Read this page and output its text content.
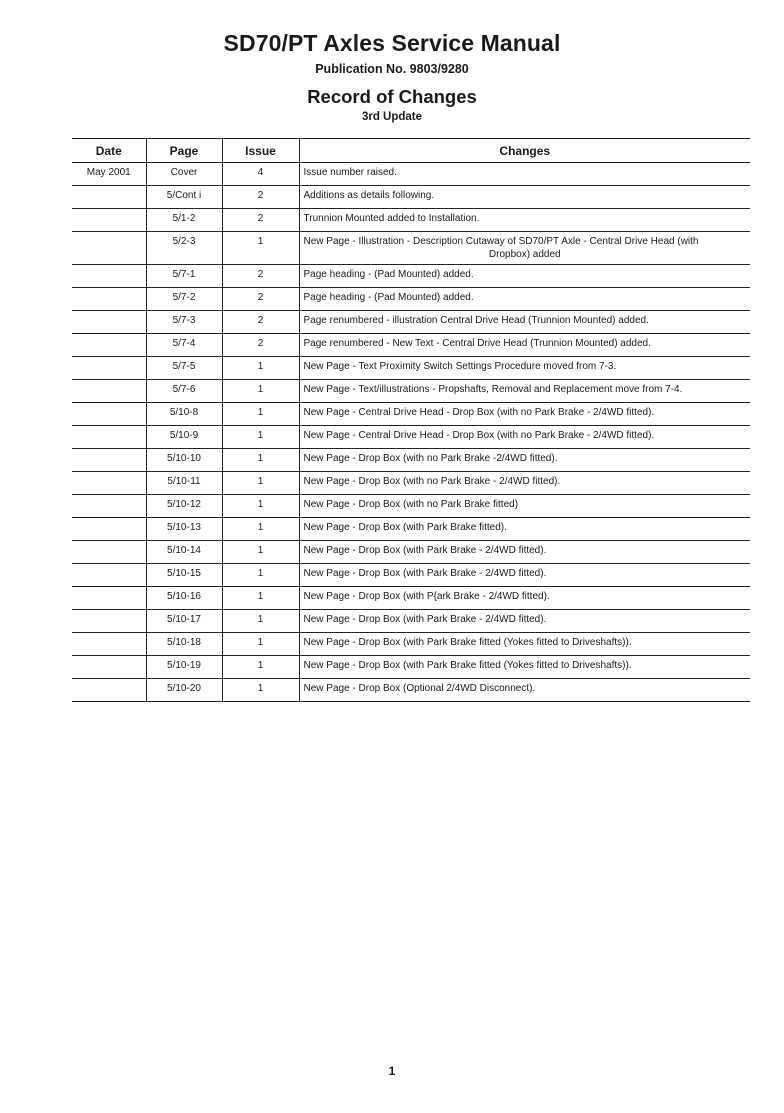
SD70/PT Axles Service Manual
Publication No. 9803/9280
Record of Changes
3rd Update
Date	Page	Issue	Changes
May 2001	Cover	4	Issue number raised.

	5/Cont i	2	Additions as details following.

	5/1-2	2	Trunnion Mounted added to Installation.

	5/2-3	1	New Page - Illustration - Description Cutaway of SD70/PT Axle - Central Drive Head (with
Dropbox) added

	5/7-1	2	Page heading - (Pad Mounted) added.

	5/7-2	2	Page heading - (Pad Mounted) added.

	5/7-3	2	Page renumbered - illustration Central Drive Head (Trunnion Mounted) added.

	5/7-4	2	Page renumbered - New Text - Central Drive Head (Trunnion Mounted) added.

	5/7-5	1	New Page - Text Proximity Switch Settings Procedure moved from 7-3.

	5/7-6	1	New Page - Text/illustrations - Propshafts, Removal and Replacement move from 7-4.

	5/10-8	1	New Page - Central Drive Head - Drop Box (with no Park Brake - 2/4WD fitted).

	5/10-9	1	New Page - Central Drive Head - Drop Box (with no Park Brake - 2/4WD fitted).

	5/10-10	1	New Page - Drop Box (with no Park Brake -2/4WD fitted).

	5/10-11	1	New Page - Drop Box (with no Park Brake - 2/4WD fitted).

	5/10-12	1	New Page - Drop Box (with no Park Brake fitted)

	5/10-13	1	New Page - Drop Box (with Park Brake fitted).

	5/10-14	1	New Page - Drop Box (with Park Brake - 2/4WD fitted).

	5/10-15	1	New Page - Drop Box (with Park Brake - 2/4WD fitted).

	5/10-16	1	New Page - Drop Box (with P{ark Brake - 2/4WD fitted).

	5/10-17	1	New Page - Drop Box (with Park Brake - 2/4WD fitted).

	5/10-18	1	New Page - Drop Box (with Park Brake fitted (Yokes fitted to Driveshafts)).

	5/10-19	1	New Page - Drop Box (with Park Brake fitted (Yokes fitted to Driveshafts)).

	5/10-20	1	New Page - Drop Box (Optional 2/4WD Disconnect).
1
